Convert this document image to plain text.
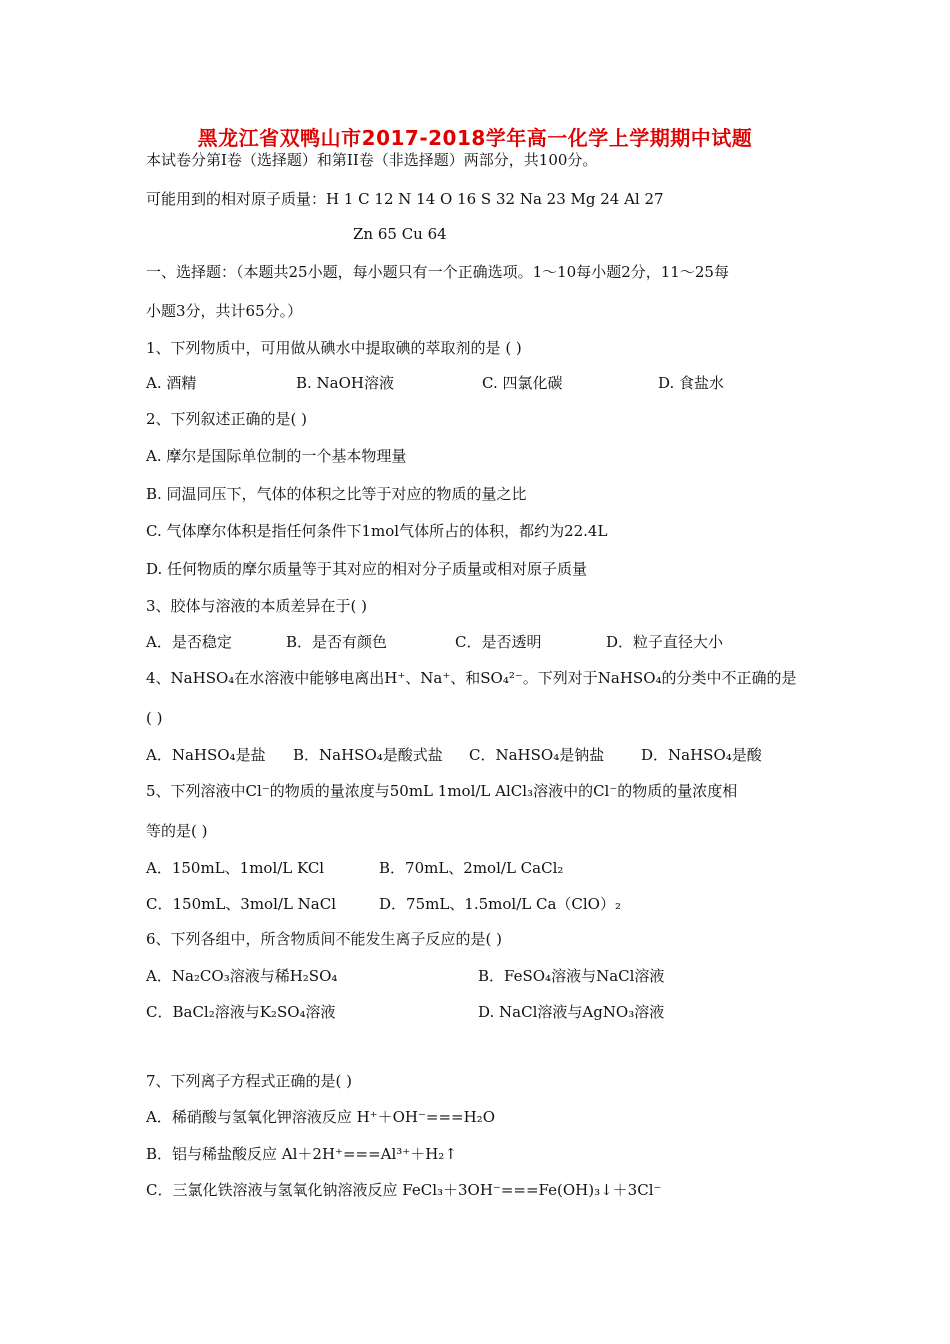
黑龙江省双鸭山市2017-2018学年高一化学上学期期中试题
本试卷分第Ⅰ卷（选择题）和第II卷（非选择题）两部分，共100分。
可能用到的相对原子质量：H 1 C 12 N 14 O 16 S 32 Na 23 Mg 24 Al 27
Zn 65 Cu 64
一、选择题：（本题共25小题，每小题只有一个正确选项。1～10每小题2分，11～25每
小题3分，共计65分。）
1、下列物质中，可用做从碘水中提取碘的萃取剂的是 ( )
A. 酒精	B. NaOH溶液	C. 四氯化碳	D. 食盐水
2、下列叙述正确的是( )
A. 摩尔是国际单位制的一个基本物理量
B. 同温同压下，气体的体积之比等于对应的物质的量之比
C. 气体摩尔体积是指任何条件下1mol气体所占的体积，都约为22.4L
D. 任何物质的摩尔质量等于其对应的相对分子质量或相对原子质量
3、胶体与溶液的本质差异在于( )
A．是否稳定	B．是否有颜色	C．是否透明	D．粒子直径大小
4、NaHSO₄在水溶液中能够电离出H⁺、Na⁺、和SO₄²⁻。下列对于NaHSO₄的分类中不正确的是
( )
A．NaHSO₄是盐 B．NaHSO₄是酸式盐 C．NaHSO₄是钠盐 D．NaHSO₄是酸
5、下列溶液中Cl⁻的物质的量浓度与50mL 1mol/L AlCl₃溶液中的Cl⁻的物质的量浓度相
等的是( )
A．150mL、1mol/L KCl	B．70mL、2mol/L CaCl₂
C．150mL、3mol/L NaCl	D．75mL、1.5mol/L Ca（ClO）₂
6、下列各组中，所含物质间不能发生离子反应的是( )
A．Na₂CO₃溶液与稀H₂SO₄	B．FeSO₄溶液与NaCl溶液
C．BaCl₂溶液与K₂SO₄溶液	D. NaCl溶液与AgNO₃溶液
7、下列离子方程式正确的是( )
A．稀硝酸与氢氧化钾溶液反应 H⁺＋OH⁻===H₂O
B．铝与稀盐酸反应 Al＋2H⁺===Al³⁺＋H₂↑
C．三氯化铁溶液与氢氧化钠溶液反应 FeCl₃＋3OH⁻===Fe(OH)₃↓＋3Cl⁻
